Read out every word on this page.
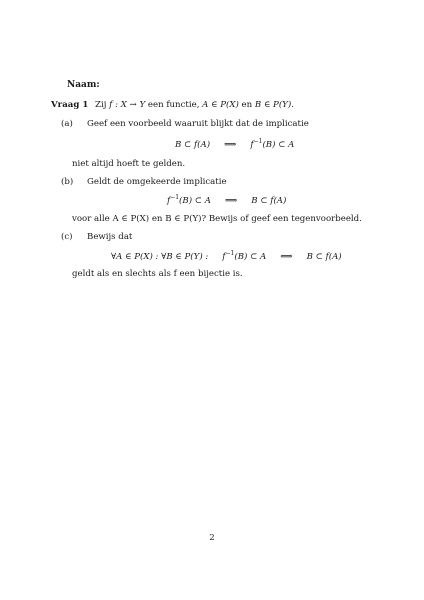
Naam:
Vraag 1 Zij f : X → Y een functie, A ∈ P(X) en B ∈ P(Y).
(a) Geef een voorbeeld waaruit blijkt dat de implicatie
B ⊂ f(A) ⟹ $f^{-1}(B)$ ⊂ A
niet altijd hoeft te gelden.
(b) Geldt de omgekeerde implicatie
$f^{-1}(B)$ ⊂ A ⟹ B ⊂ f(A)
voor alle A ∈ P(X) en B ∈ P(Y)? Bewijs of geef een tegenvoorbeeld.
(c) Bewijs dat
∀A ∈ P(X) : ∀B ∈ P(Y) : $f^{-1}(B)$ ⊂ A ⟺ B ⊂ f(A)
geldt als en slechts als f een bijectie is.
2
